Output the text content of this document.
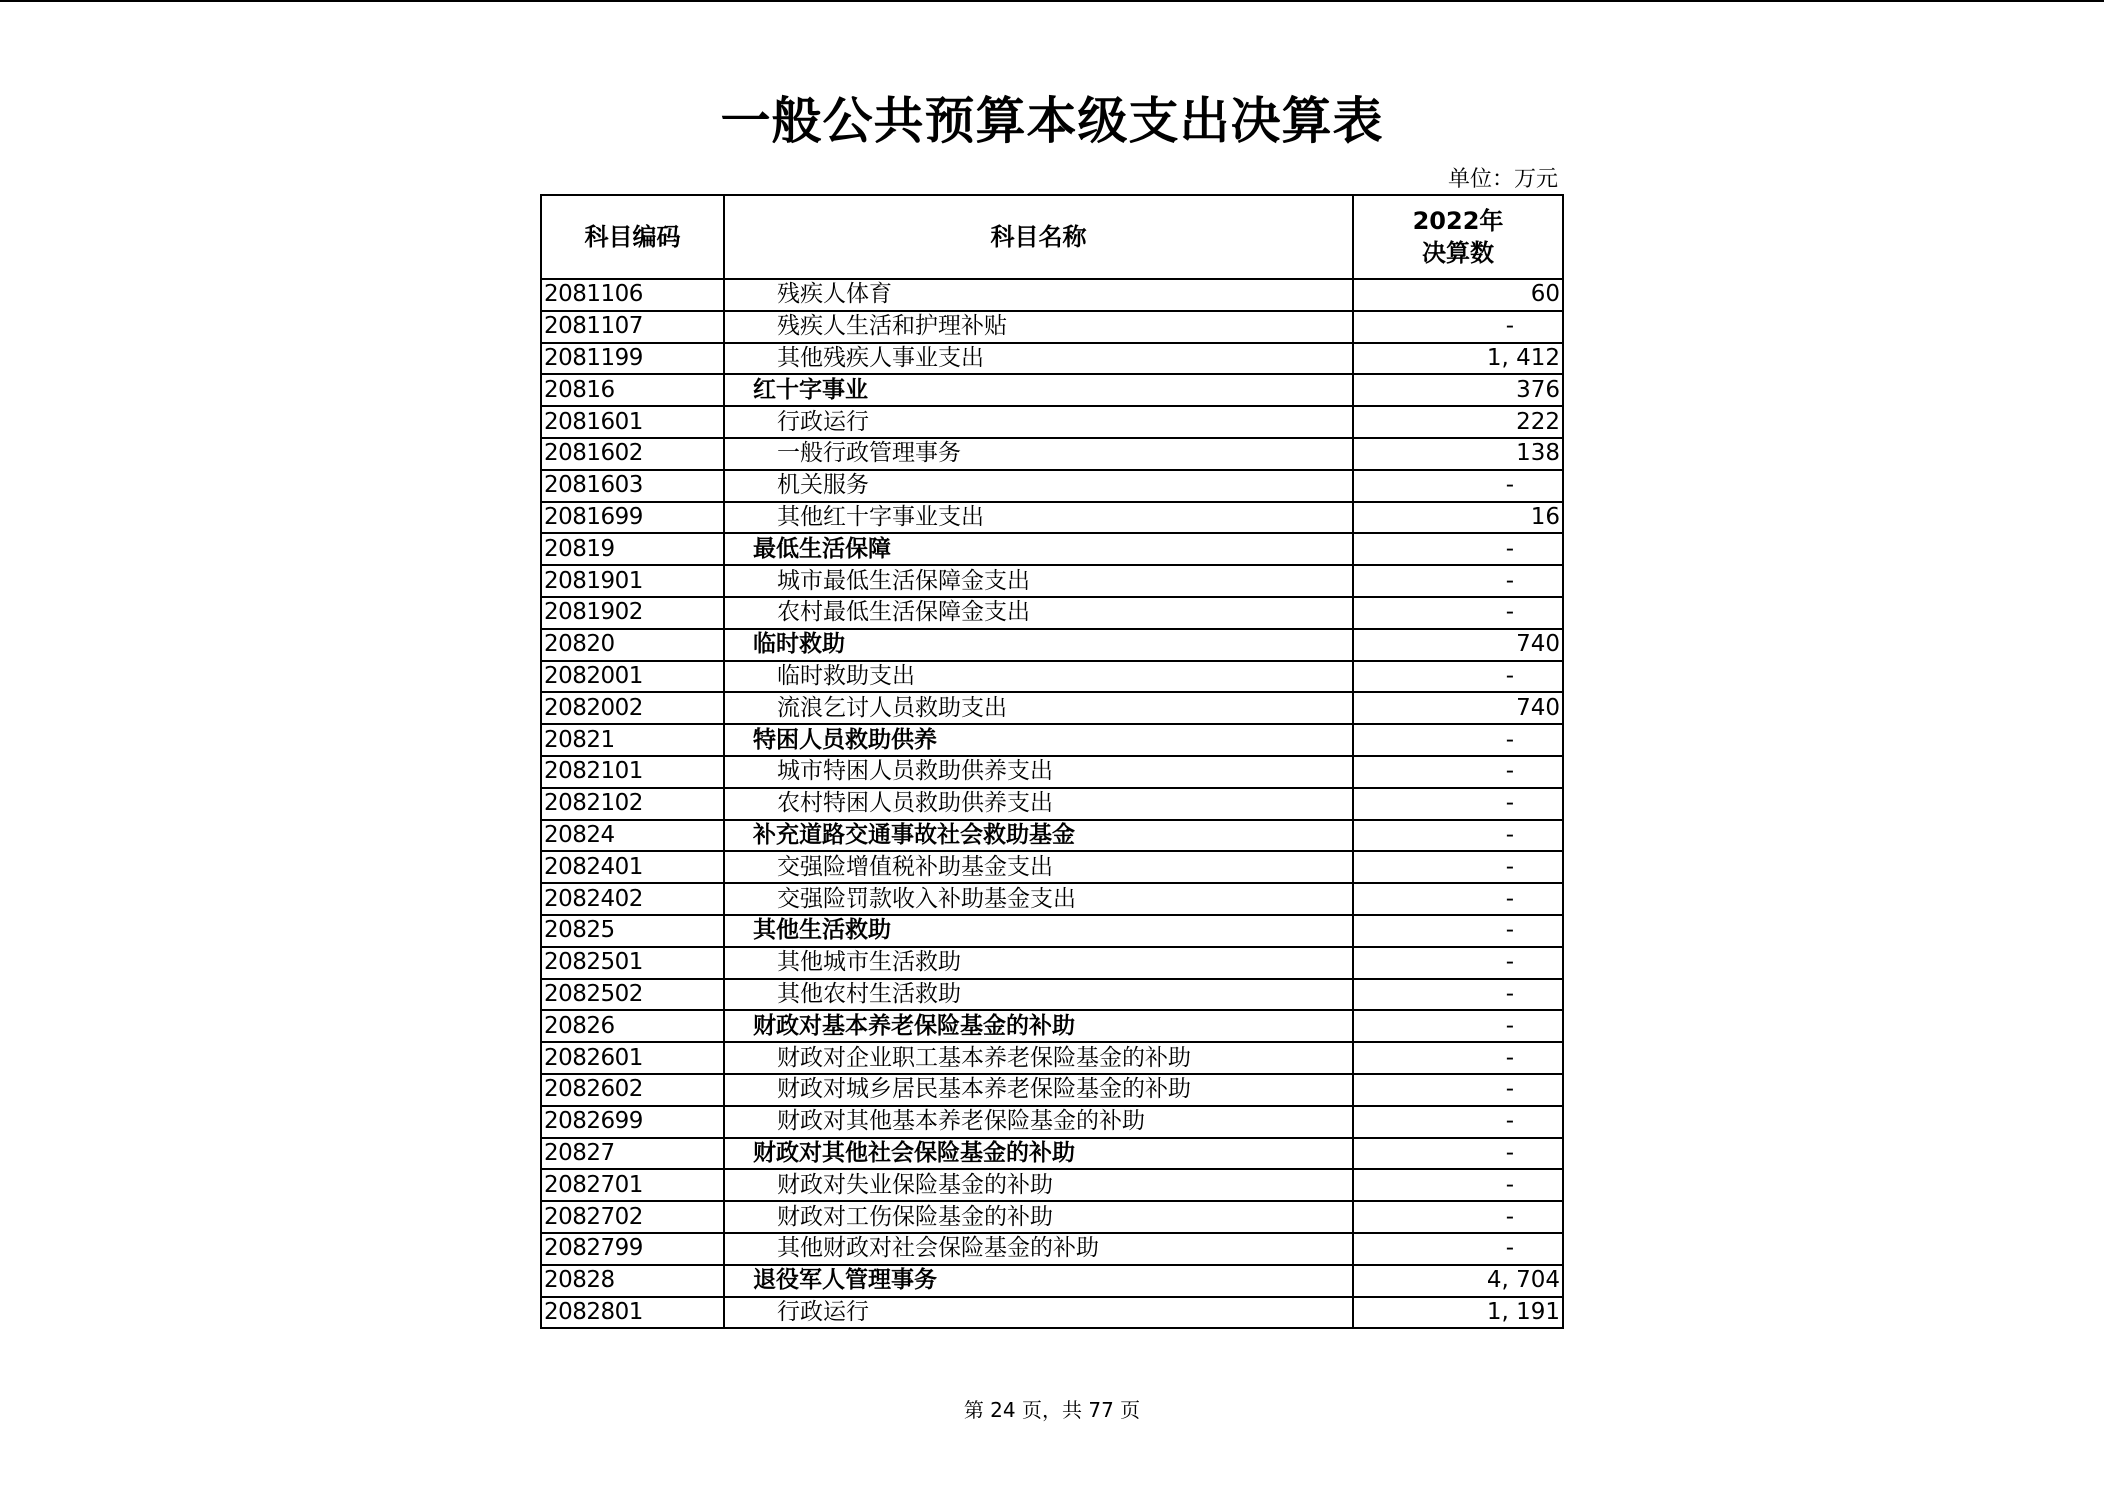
一般公共预算本级支出决算表
单位：万元
科目编码	科目名称	2022年
决算数

2081106	残疾人体育	60
2081107	残疾人生活和护理补贴	-
2081199	其他残疾人事业支出	1, 412
20816	红十字事业	376
2081601	行政运行	222
2081602	一般行政管理事务	138
2081603	机关服务	-
2081699	其他红十字事业支出	16
20819	最低生活保障	-
2081901	城市最低生活保障金支出	-
2081902	农村最低生活保障金支出	-
20820	临时救助	740
2082001	临时救助支出	-
2082002	流浪乞讨人员救助支出	740
20821	特困人员救助供养	-
2082101	城市特困人员救助供养支出	-
2082102	农村特困人员救助供养支出	-
20824	补充道路交通事故社会救助基金	-
2082401	交强险增值税补助基金支出	-
2082402	交强险罚款收入补助基金支出	-
20825	其他生活救助	-
2082501	其他城市生活救助	-
2082502	其他农村生活救助	-
20826	财政对基本养老保险基金的补助	-
2082601	财政对企业职工基本养老保险基金的补助	-
2082602	财政对城乡居民基本养老保险基金的补助	-
2082699	财政对其他基本养老保险基金的补助	-
20827	财政对其他社会保险基金的补助	-
2082701	财政对失业保险基金的补助	-
2082702	财政对工伤保险基金的补助	-
2082799	其他财政对社会保险基金的补助	-
20828	退役军人管理事务	4, 704
2082801	行政运行	1, 191
第 24 页，共 77 页
